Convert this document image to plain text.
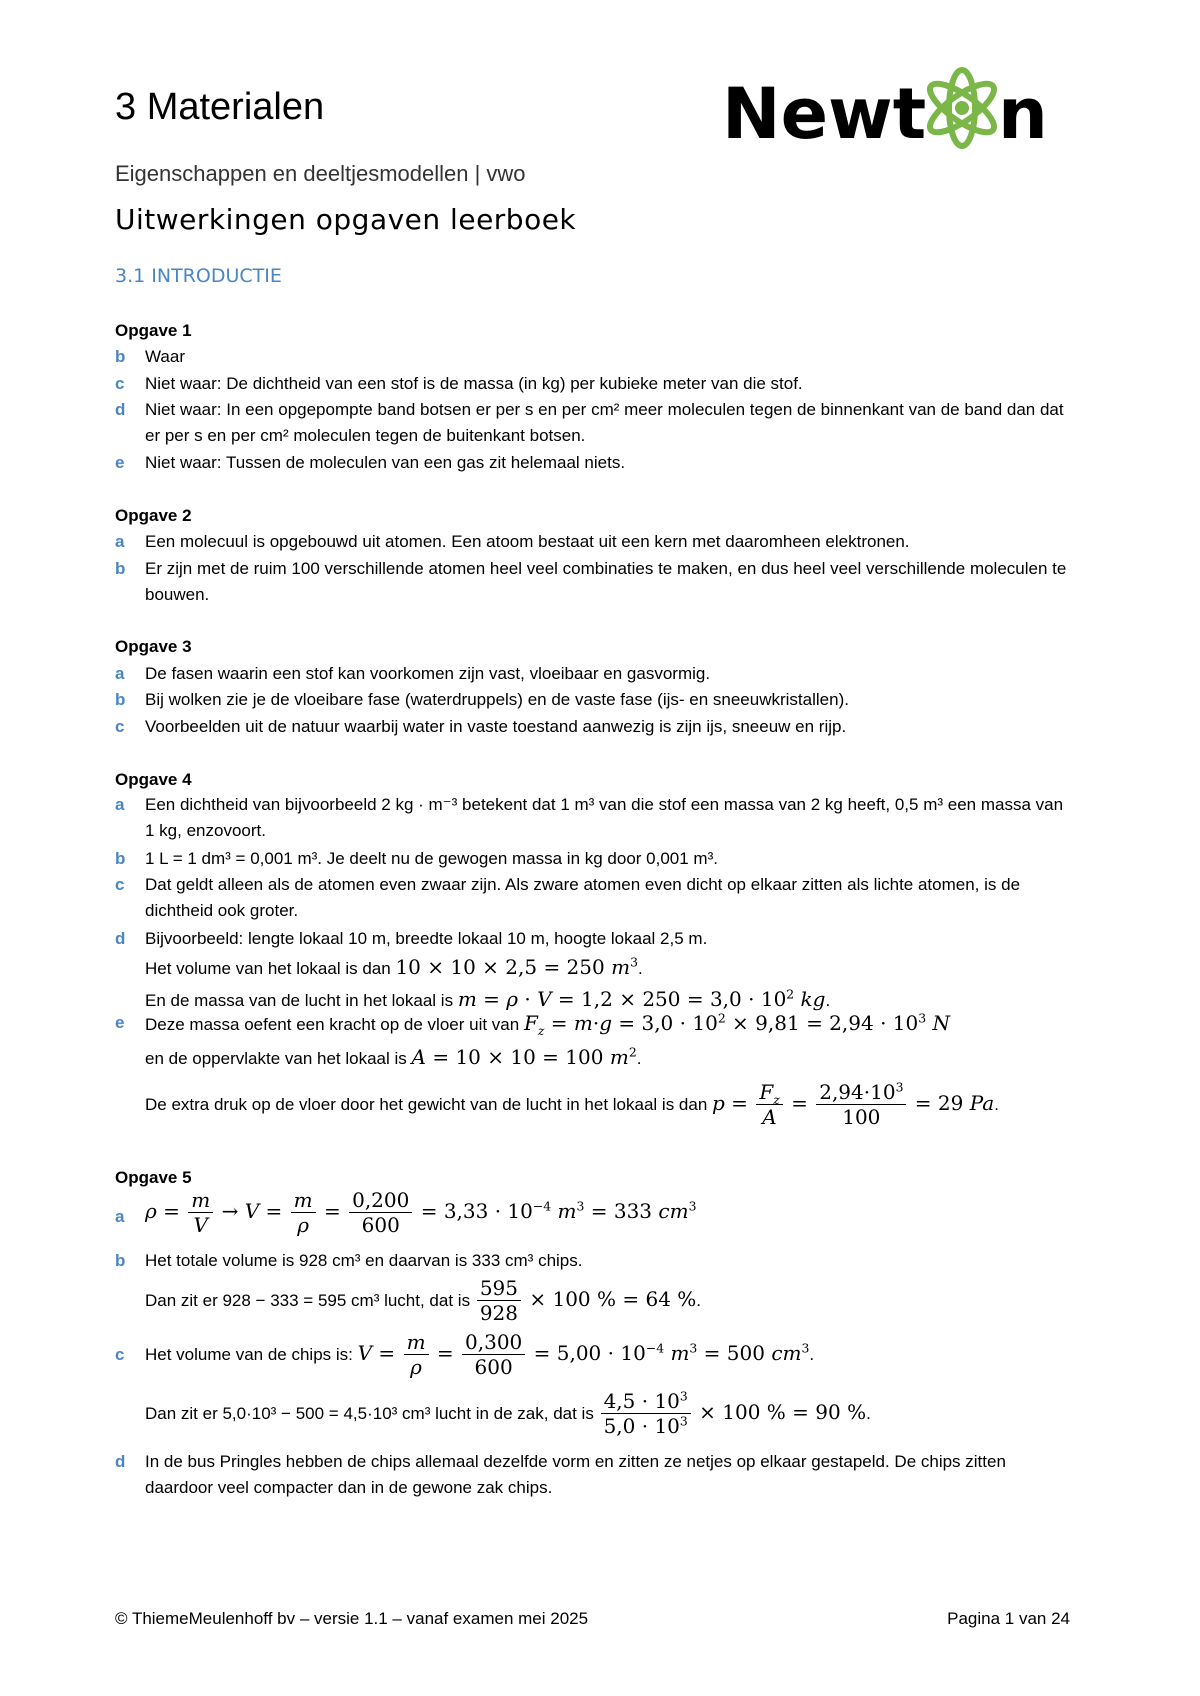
3 Materialen	Newt n
Eigenschappen en deeltjesmodellen | vwo
Uitwerkingen opgaven leerboek
3.1 INTRODUCTIE
Opgave 1
b Waar
c Niet waar: De dichtheid van een stof is de massa (in kg) per kubieke meter van die stof.
d Niet waar: In een opgepompte band botsen er per s en per cm² meer moleculen tegen de binnenkant van de band dan dat er per s en per cm² moleculen tegen de buitenkant botsen.
e Niet waar: Tussen de moleculen van een gas zit helemaal niets.
Opgave 2
a Een molecuul is opgebouwd uit atomen. Een atoom bestaat uit een kern met daaromheen elektronen.
b Er zijn met de ruim 100 verschillende atomen heel veel combinaties te maken, en dus heel veel verschillende moleculen te bouwen.
Opgave 3
a De fasen waarin een stof kan voorkomen zijn vast, vloeibaar en gasvormig.
b Bij wolken zie je de vloeibare fase (waterdruppels) en de vaste fase (ijs- en sneeuwkristallen).
c Voorbeelden uit de natuur waarbij water in vaste toestand aanwezig is zijn ijs, sneeuw en rijp.
Opgave 4
a Een dichtheid van bijvoorbeeld 2 kg · m⁻³ betekent dat 1 m³ van die stof een massa van 2 kg heeft, 0,5 m³ een massa van 1 kg, enzovoort.
b 1 L = 1 dm³ = 0,001 m³. Je deelt nu de gewogen massa in kg door 0,001 m³.
c Dat geldt alleen als de atomen even zwaar zijn. Als zware atomen even dicht op elkaar zitten als lichte atomen, is de dichtheid ook groter.
d Bijvoorbeeld: lengte lokaal 10 m, breedte lokaal 10 m, hoogte lokaal 2,5 m.
Het volume van het lokaal is dan 10 × 10 × 2,5 = 250 $m^3$.
En de massa van de lucht in het lokaal is $m = \rho \cdot V = 1,2 \times 250 = 3,0 \cdot 10^2$ kg.
e Deze massa oefent een kracht op de vloer uit van $F_z = m\cdot g = 3,0 \cdot 10^2 \times 9,81 = 2,94 \cdot 10^3$ N
en de oppervlakte van het lokaal is A = 10 × 10 = 100 $m^2$.
De extra druk op de vloer door het gewicht van de lucht in het lokaal is dan $p = \frac{F_z}{A} = \frac{2,94\cdot 10^3}{100} = 29$ Pa.
Opgave 5
a $\rho = \frac{m}{V} \to V = \frac{m}{\rho} = \frac{0,200}{600} = 3,33 \cdot 10^{-4}$ $m^3 = 333$ $cm^3$
b Het totale volume is 928 cm³ en daarvan is 333 cm³ chips.
Dan zit er 928 − 333 = 595 cm³ lucht, dat is $\frac{595}{928} \times 100$ % = 64 %.
c Het volume van de chips is: $V = \frac{m}{\rho} = \frac{0,300}{600} = 5,00 \cdot 10^{-4}$ $m^3 = 500$ $cm^3$.
Dan zit er 5,0·10³ − 500 = 4,5·10³ cm³ lucht in de zak, dat is $\frac{4,5 \cdot 10^3}{5,0 \cdot 10^3} \times 100$ % = 90 %.
d In de bus Pringles hebben de chips allemaal dezelfde vorm en zitten ze netjes op elkaar gestapeld. De chips zitten daardoor veel compacter dan in de gewone zak chips.
© ThiemeMeulenhoff bv – versie 1.1 – vanaf examen mei 2025	Pagina 1 van 24
